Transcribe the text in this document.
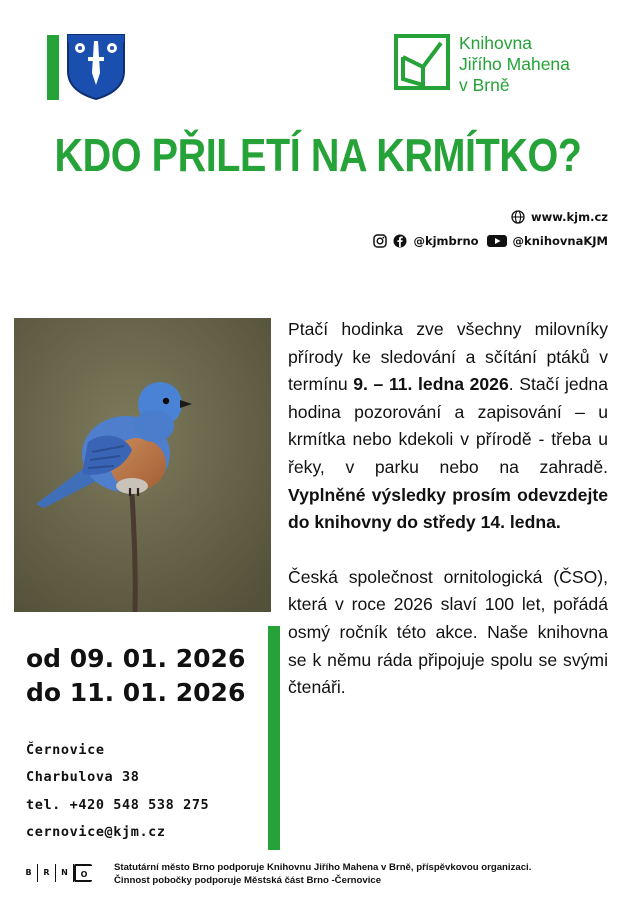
Knihovna
Jiřího Mahena
v Brně
KDO PŘILETÍ NA KRMÍTKO?
www.kjm.cz
@kjmbrno	@knihovnaKJM

Ptačí hodinka zve všechny milovníky přírody ke sledování a sčítání ptáků v termínu 9. – 11. ledna 2026. Stačí jedna hodina pozorování a zapisování – u krmítka nebo kdekoli v přírodě - třeba u řeky, v parku nebo na zahradě. Vyplněné výsledky prosím odevzdejte do knihovny do středy 14. ledna.

Česká společnost ornitologická (ČSO), která v roce 2026 slaví 100 let, pořádá osmý ročník této akce. Naše knihovna se k němu ráda připojuje spolu se svými čtenáři.

od 09. 01. 2026
do 11. 01. 2026
Černovice
Charbulova 38
tel. +420 548 538 275
cernovice@kjm.cz
B	R	N	O
Statutární město Brno podporuje Knihovnu Jiřího Mahena v Brně, příspěvkovou organizaci.
Činnost pobočky podporuje Městská část Brno -Černovice
